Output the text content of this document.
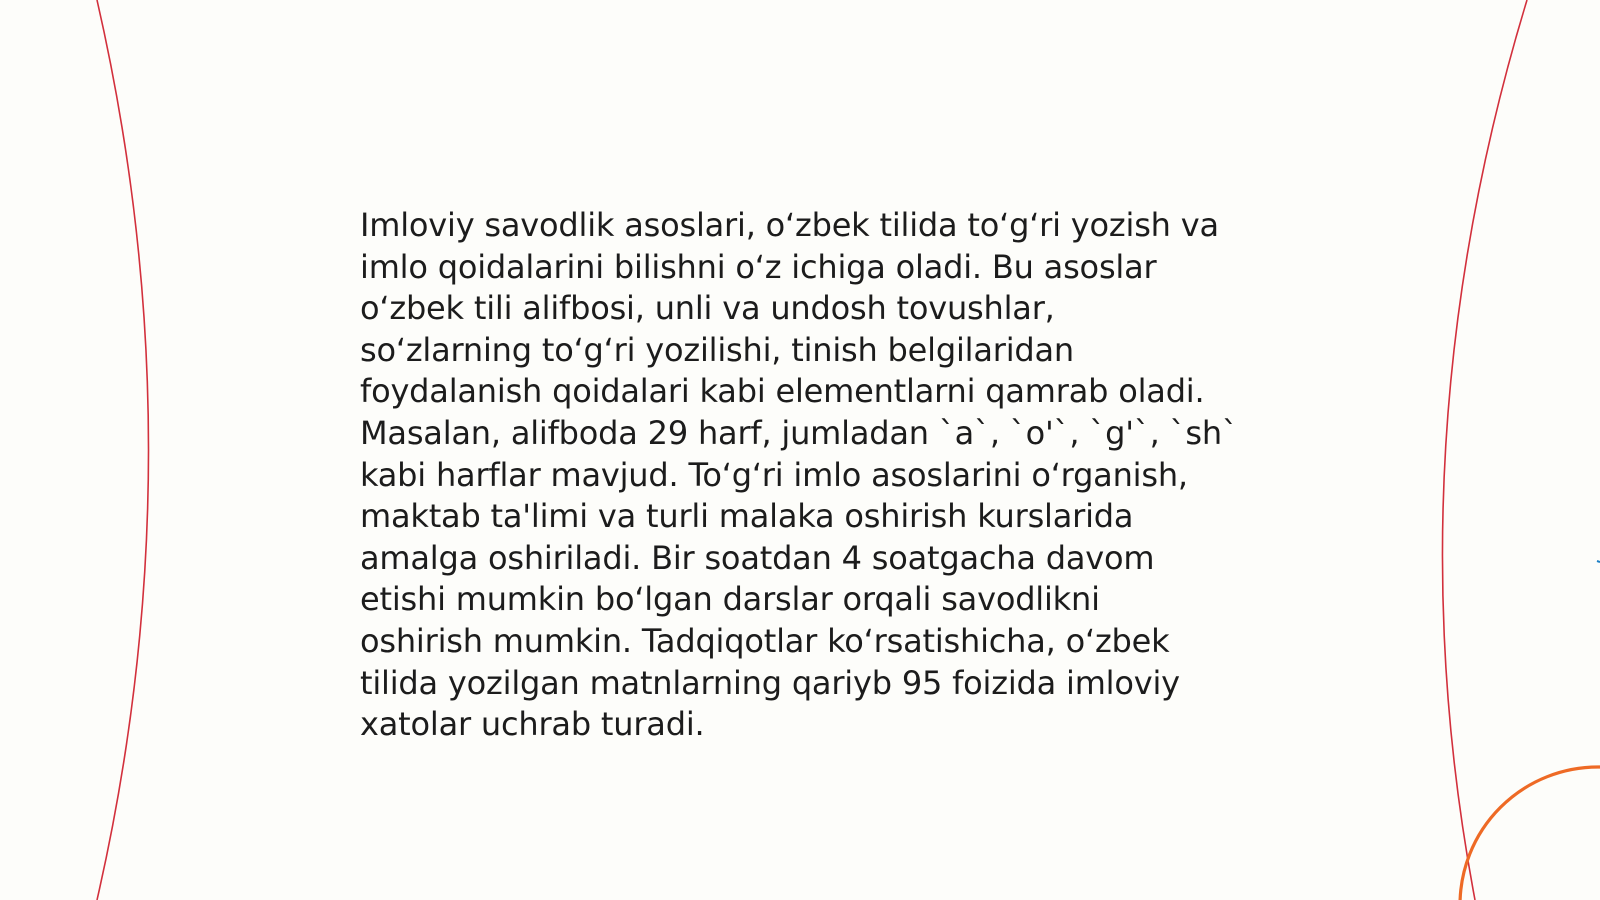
Imloviy savodlik asoslari, o‘zbek tilida to‘g‘ri yozish va
imlo qoidalarini bilishni o‘z ichiga oladi. Bu asoslar
o‘zbek tili alifbosi, unli va undosh tovushlar,
so‘zlarning to‘g‘ri yozilishi, tinish belgilaridan
foydalanish qoidalari kabi elementlarni qamrab oladi.
Masalan, alifboda 29 harf, jumladan `a`, `o'`, `g'`, `sh`
kabi harflar mavjud. To‘g‘ri imlo asoslarini o‘rganish,
maktab ta'limi va turli malaka oshirish kurslarida
amalga oshiriladi. Bir soatdan 4 soatgacha davom
etishi mumkin bo‘lgan darslar orqali savodlikni
oshirish mumkin. Tadqiqotlar ko‘rsatishicha, o‘zbek
tilida yozilgan matnlarning qariyb 95 foizida imloviy
xatolar uchrab turadi.
